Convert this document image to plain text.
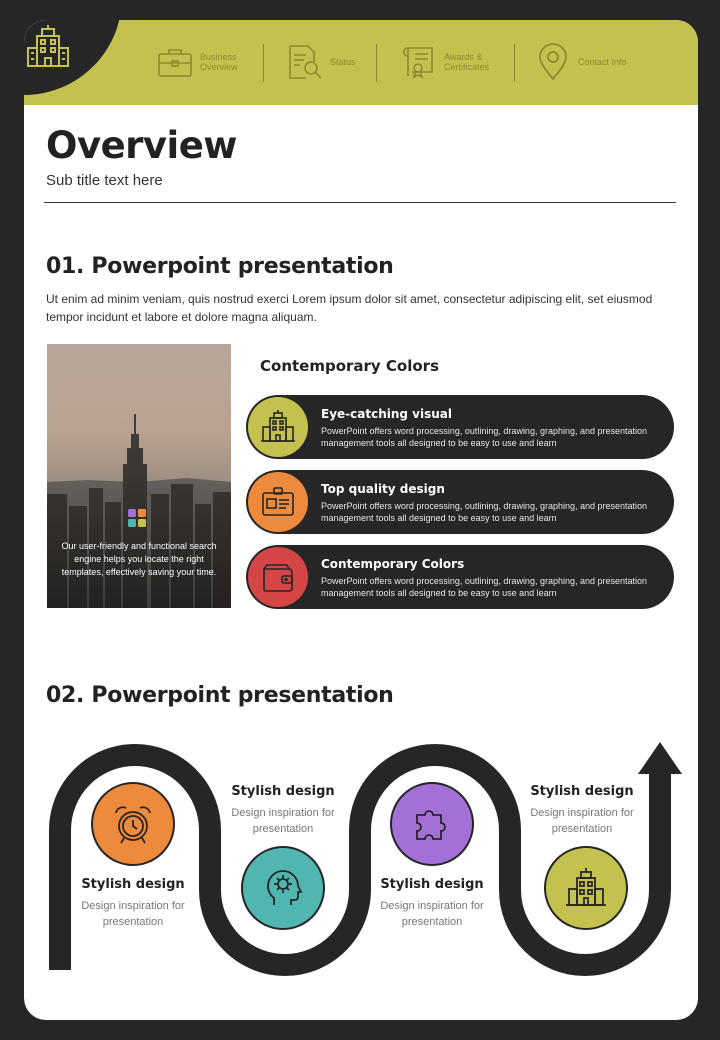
Business Overview	Status	Awards & Certificates	Contact Info
Overview
Sub title text here
01. Powerpoint presentation
Ut enim ad minim veniam, quis nostrud exerci Lorem ipsum dolor sit amet, consectetur adipiscing elit, set eiusmod tempor incidunt et labore et dolore magna aliquam.
Our user-friendly and functional search engine helps you locate the right templates, effectively saving your time.
Contemporary Colors
Eye-catching visual
PowerPoint offers word processing, outlining, drawing, graphing, and presentation management tools all designed to be easy to use and learn
Top quality design
PowerPoint offers word processing, outlining, drawing, graphing, and presentation management tools all designed to be easy to use and learn
Contemporary Colors
PowerPoint offers word processing, outlining, drawing, graphing, and presentation management tools all designed to be easy to use and learn
02. Powerpoint presentation
Stylish design
Design inspiration for presentation
Stylish design
Design inspiration for presentation
Stylish design
Design inspiration for presentation
Stylish design
Design inspiration for presentation
